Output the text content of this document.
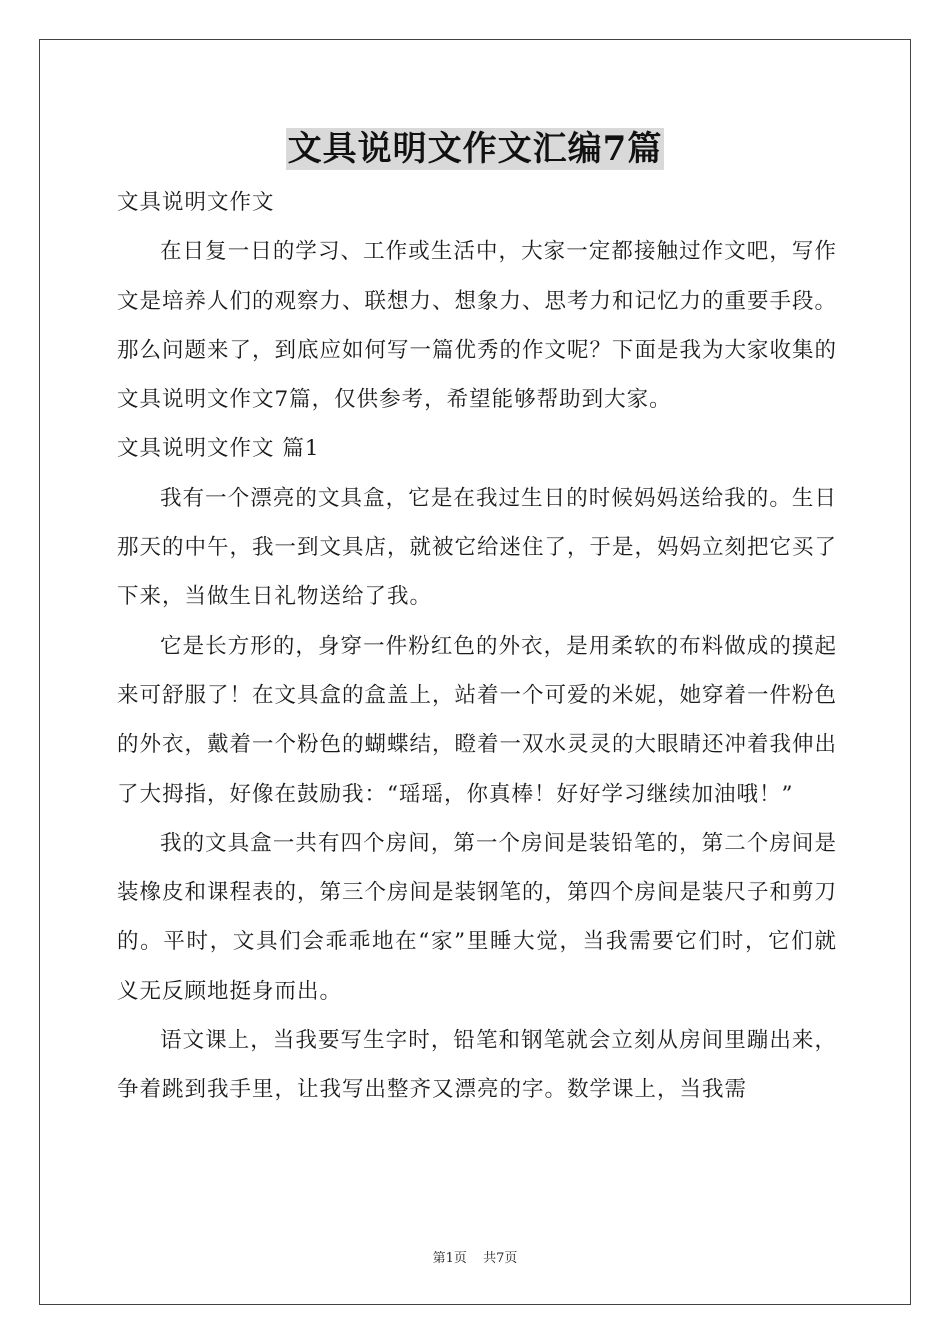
文具说明文作文汇编7篇

文具说明文作文

在日复一日的学习、工作或生活中，大家一定都接触过作文吧，写作文是培养人们的观察力、联想力、想象力、思考力和记忆力的重要手段。那么问题来了，到底应如何写一篇优秀的作文呢？下面是我为大家收集的文具说明文作文7篇，仅供参考，希望能够帮助到大家。

文具说明文作文 篇1

我有一个漂亮的文具盒，它是在我过生日的时候妈妈送给我的。生日那天的中午，我一到文具店，就被它给迷住了，于是，妈妈立刻把它买了下来，当做生日礼物送给了我。

它是长方形的，身穿一件粉红色的外衣，是用柔软的布料做成的摸起来可舒服了！在文具盒的盒盖上，站着一个可爱的米妮，她穿着一件粉色的外衣，戴着一个粉色的蝴蝶结，瞪着一双水灵灵的大眼睛还冲着我伸出了大拇指，好像在鼓励我：“瑶瑶，你真棒！好好学习继续加油哦！”

我的文具盒一共有四个房间，第一个房间是装铅笔的，第二个房间是装橡皮和课程表的，第三个房间是装钢笔的，第四个房间是装尺子和剪刀的。平时，文具们会乖乖地在“家”里睡大觉，当我需要它们时，它们就义无反顾地挺身而出。

语文课上，当我要写生字时，铅笔和钢笔就会立刻从房间里蹦出来，争着跳到我手里，让我写出整齐又漂亮的字。数学课上，当我需

第1页 共7页
